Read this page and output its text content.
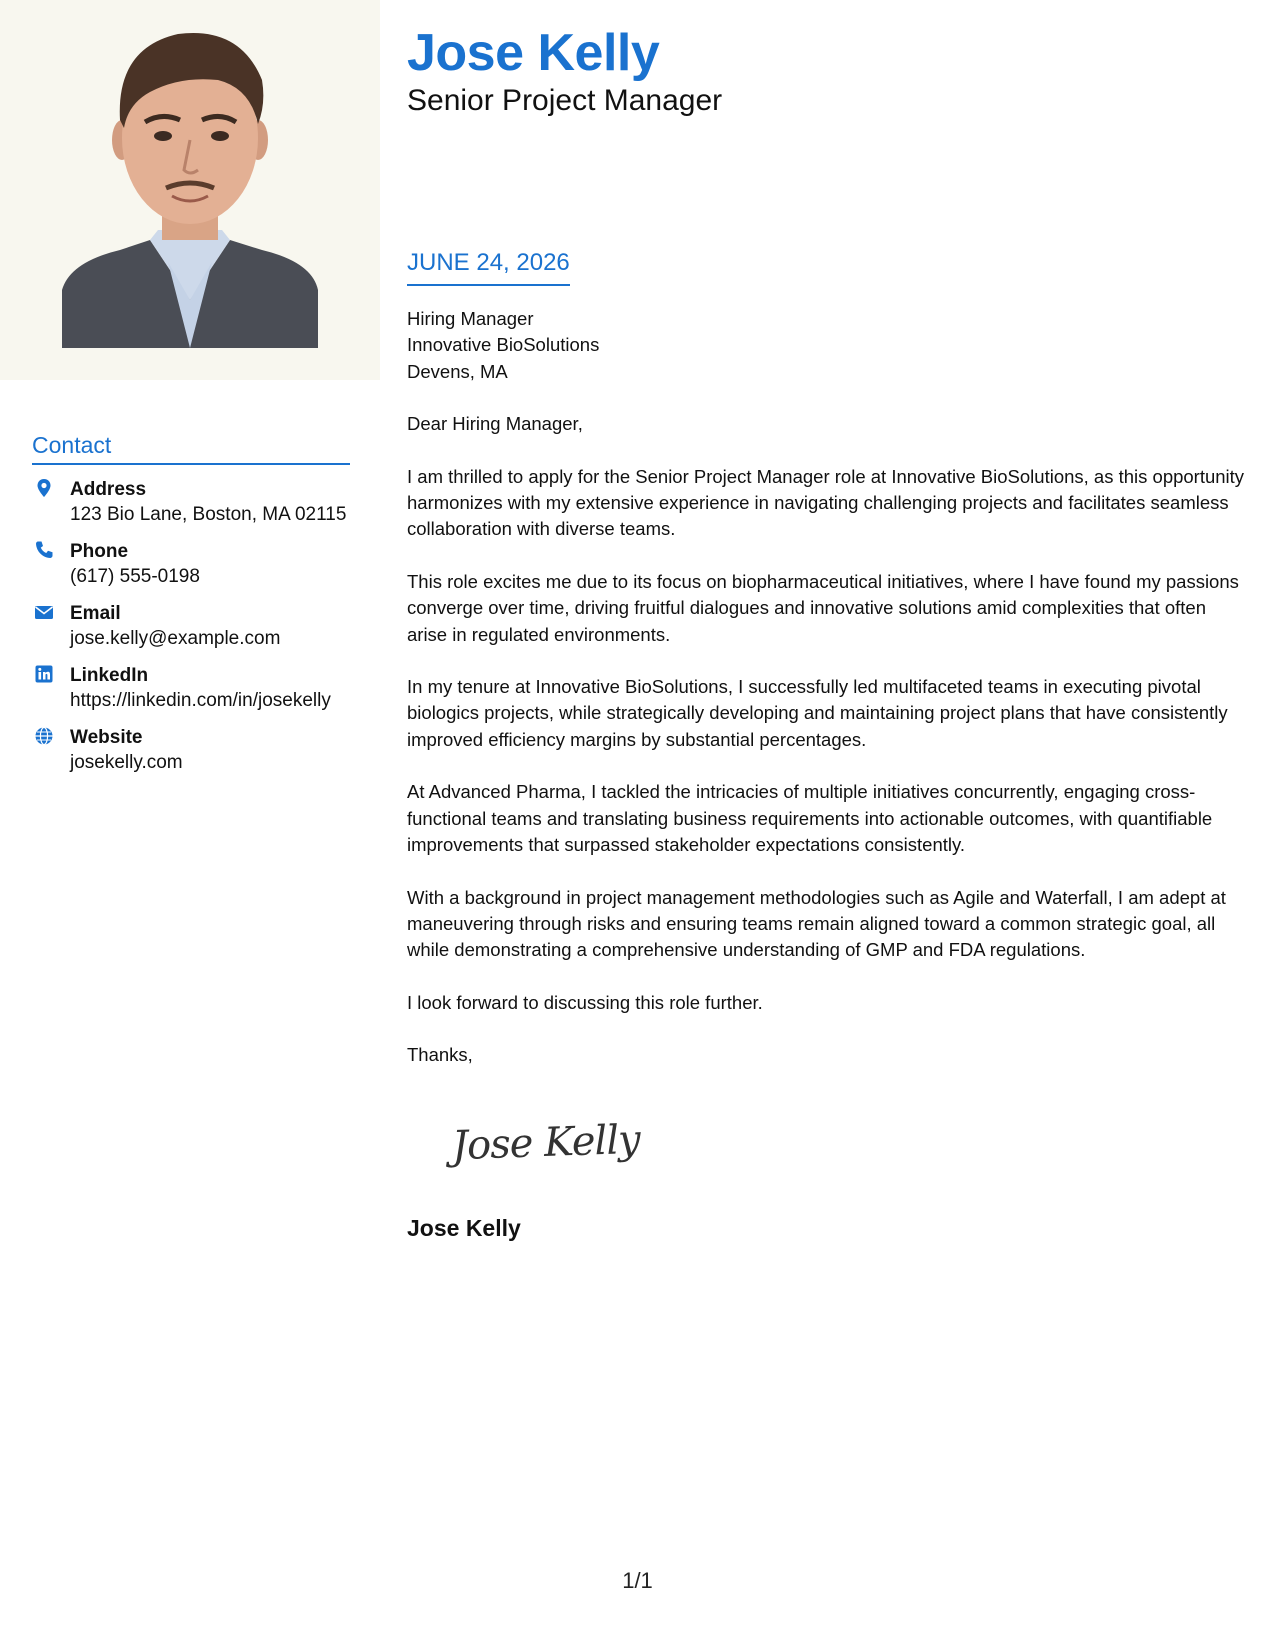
Contact
Address
123 Bio Lane, Boston, MA 02115
Phone
(617) 555-0198
Email
jose.kelly@example.com
LinkedIn
https://linkedin.com/in/josekelly
Website
josekelly.com
Jose Kelly
Senior Project Manager
JUNE 24, 2026
Hiring Manager
Innovative BioSolutions
Devens, MA

Dear Hiring Manager,

I am thrilled to apply for the Senior Project Manager role at Innovative BioSolutions, as this opportunity harmonizes with my extensive experience in navigating challenging projects and facilitates seamless collaboration with diverse teams.

This role excites me due to its focus on biopharmaceutical initiatives, where I have found my passions converge over time, driving fruitful dialogues and innovative solutions amid complexities that often arise in regulated environments.

In my tenure at Innovative BioSolutions, I successfully led multifaceted teams in executing pivotal biologics projects, while strategically developing and maintaining project plans that have consistently improved efficiency margins by substantial percentages.

At Advanced Pharma, I tackled the intricacies of multiple initiatives concurrently, engaging cross-functional teams and translating business requirements into actionable outcomes, with quantifiable improvements that surpassed stakeholder expectations consistently.

With a background in project management methodologies such as Agile and Waterfall, I am adept at maneuvering through risks and ensuring teams remain aligned toward a common strategic goal, all while demonstrating a comprehensive understanding of GMP and FDA regulations.

I look forward to discussing this role further.

Thanks,

Jose Kelly
Jose Kelly
1/1
